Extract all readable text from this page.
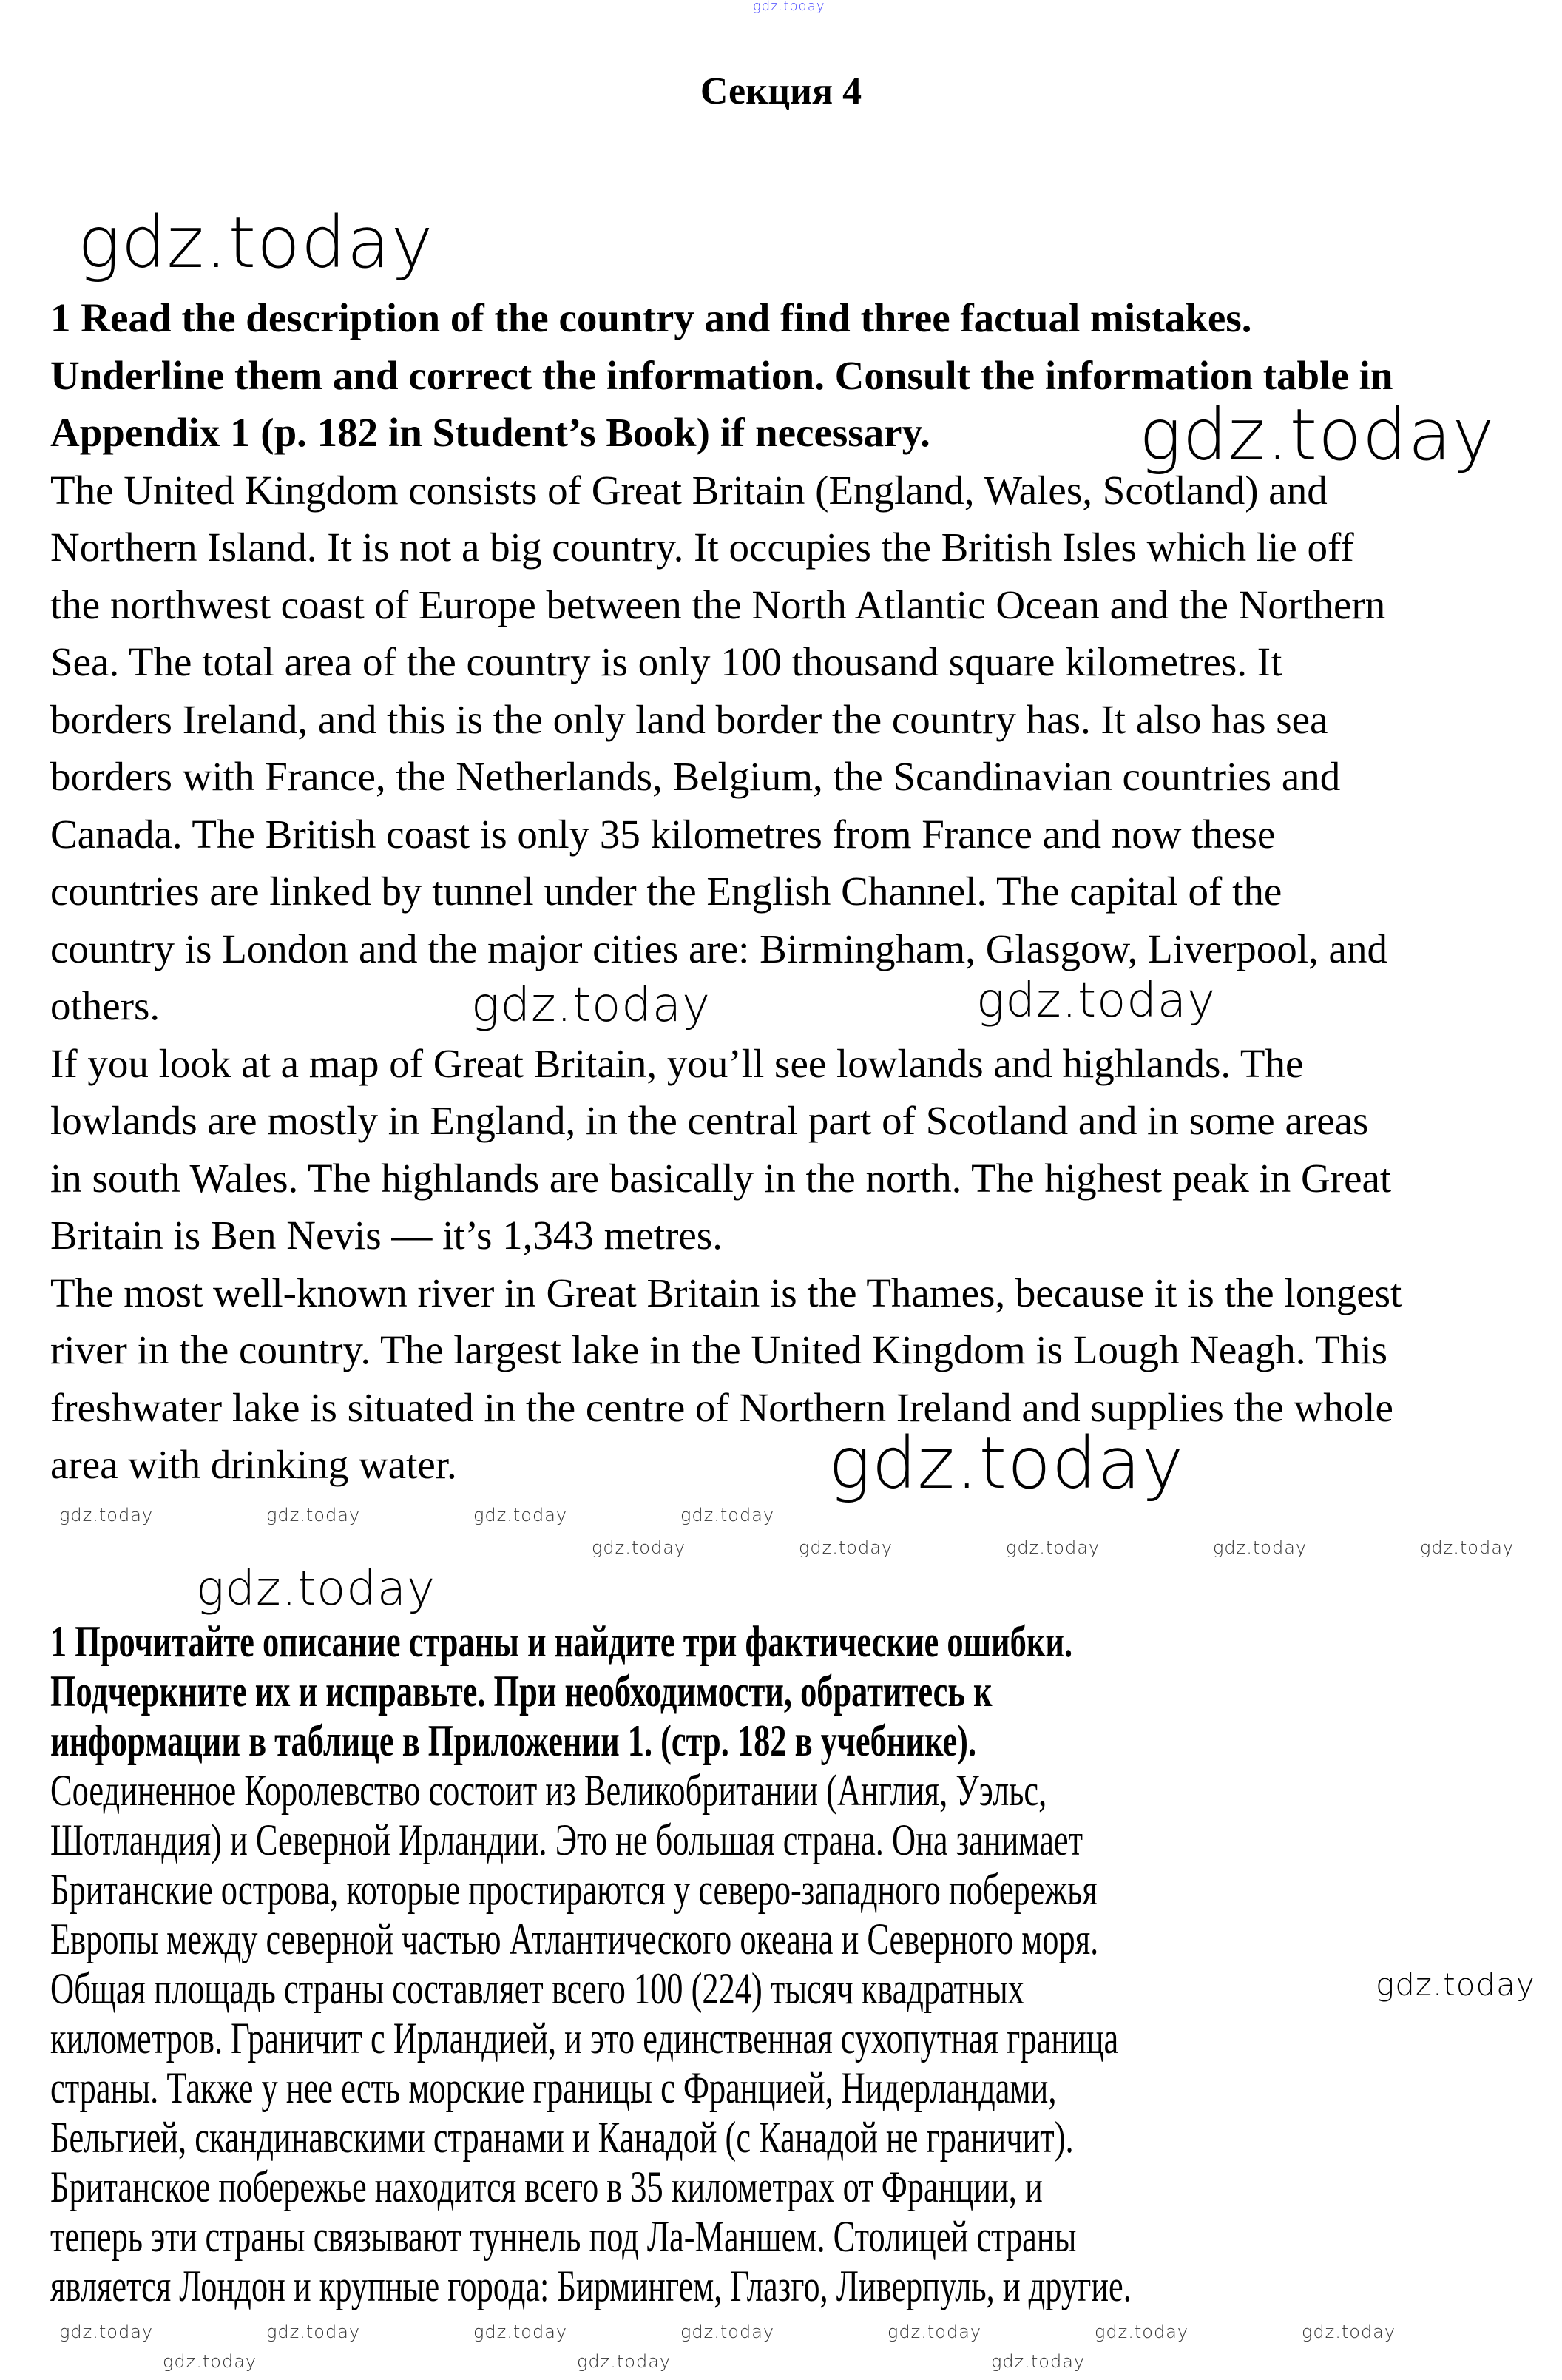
Секция 4
1 Read the description of the country and find three factual mistakes.
Underline them and correct the information. Consult the information table in
Appendix 1 (p. 182 in Student’s Book) if necessary.
The United Kingdom consists of Great Britain (England, Wales, Scotland) and
Northern Island. It is not a big country. It occupies the British Isles which lie off
the northwest coast of Europe between the North Atlantic Ocean and the Northern
Sea. The total area of the country is only 100 thousand square kilometres. It
borders Ireland, and this is the only land border the country has. It also has sea
borders with France, the Netherlands, Belgium, the Scandinavian countries and
Canada. The British coast is only 35 kilometres from France and now these
countries are linked by tunnel under the English Channel. The capital of the
country is London and the major cities are: Birmingham, Glasgow, Liverpool, and
others.
If you look at a map of Great Britain, you’ll see lowlands and highlands. The
lowlands are mostly in England, in the central part of Scotland and in some areas
in south Wales. The highlands are basically in the north. The highest peak in Great
Britain is Ben Nevis — it’s 1,343 metres.
The most well-known river in Great Britain is the Thames, because it is the longest
river in the country. The largest lake in the United Kingdom is Lough Neagh. This
freshwater lake is situated in the centre of Northern Ireland and supplies the whole
area with drinking water.
1 Прочитайте описание страны и найдите три фактические ошибки.
Подчеркните их и исправьте. При необходимости, обратитесь к
информации в таблице в Приложении 1. (стр. 182 в учебнике).
Соединенное Королевство состоит из Великобритании (Англия, Уэльс,
Шотландия) и Северной Ирландии. Это не большая страна. Она занимает
Британские острова, которые простираются у северо-западного побережья
Европы между северной частью Атлантического океана и Северного моря.
Общая площадь страны составляет всего 100 (224) тысяч квадратных
километров. Граничит с Ирландией, и это единственная сухопутная граница
страны. Также у нее есть морские границы с Францией, Нидерландами,
Бельгией, скандинавскими странами и Канадой (с Канадой не граничит).
Британское побережье находится всего в 35 километрах от Франции, и
теперь эти страны связывают туннель под Ла-Маншем. Столицей страны
является Лондон и крупные города: Бирмингем, Глазго, Ливерпуль, и другие.
gdz.today
gdz.today
gdz.today
gdz.today	gdz.today
gdz.today
gdz.today
gdz.today
gdz.today	gdz.today	gdz.today	gdz.today
gdz.today	gdz.today	gdz.today	gdz.today	gdz.today
gdz.today	gdz.today	gdz.today	gdz.today	gdz.today	gdz.today	gdz.today
gdz.today	gdz.today	gdz.today
